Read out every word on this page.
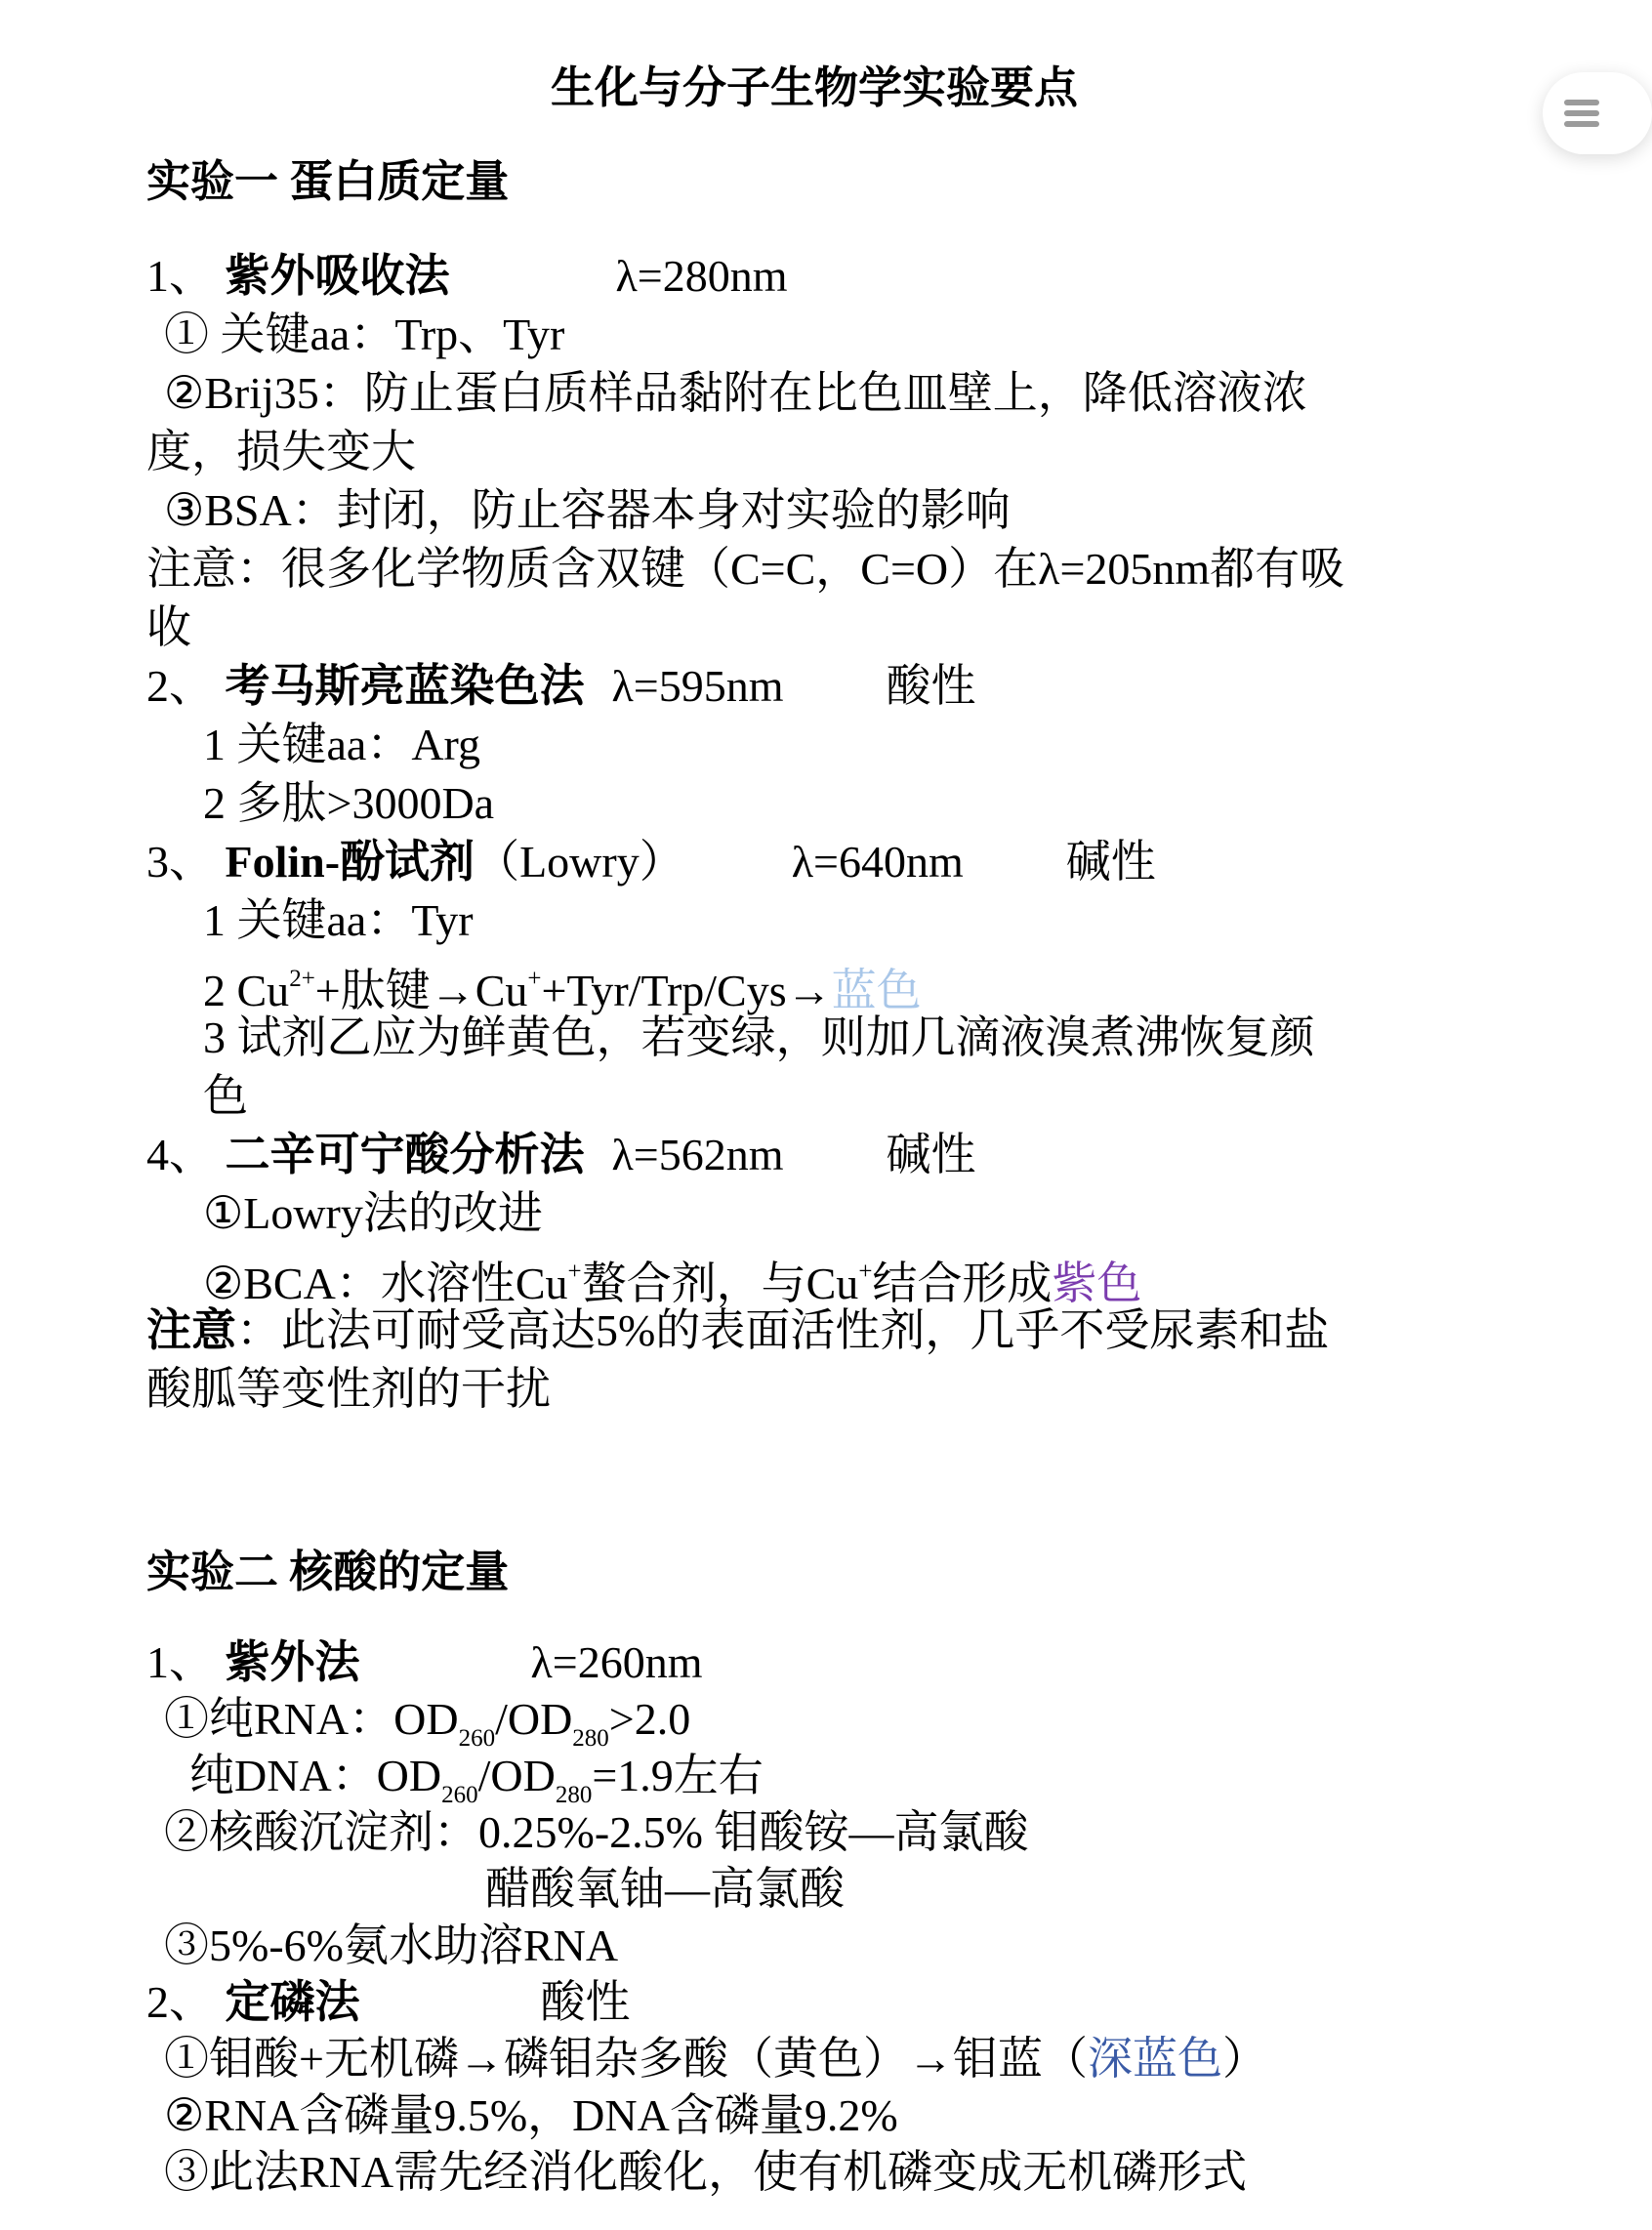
生化与分子生物学实验要点
实验一 蛋白质定量
1、 紫外吸收法	λ=280nm
① 关键aa：Trp、Tyr
②Brij35：防止蛋白质样品黏附在比色皿壁上，降低溶液浓
度，损失变大
③BSA：封闭，防止容器本身对实验的影响
注意：很多化学物质含双键（C=C，C=O）在λ=205nm都有吸
收
2、 考马斯亮蓝染色法 λ=595nm 酸性
1 关键aa：Arg
2 多肽>3000Da
3、 Folin-酚试剂（Lowry） λ=640nm 碱性
1 关键aa：Tyr
2 $Cu^{2+}+$肽键→Cu++Tyr/Trp/Cys→蓝色
3 试剂乙应为鲜黄色，若变绿，则加几滴液溴煮沸恢复颜
色
4、 二辛可宁酸分析法 λ=562nm 碱性
①Lowry法的改进
②BCA：水溶性Cu+螯合剂，与Cu+结合形成紫色
注意：此法可耐受高达5%的表面活性剂，几乎不受尿素和盐
酸胍等变性剂的干扰
实验二 核酸的定量
1、 紫外法	λ=260nm
①纯RNA：$OD_{260}/OD_{280}>2.0$
纯DNA：$OD_{260}/OD_{280}=1.9$左右
②核酸沉淀剂：0.25%-2.5% 钼酸铵—高氯酸
醋酸氧铀—高氯酸
③5%-6%氨水助溶RNA
2、 定磷法	酸性
①钼酸+无机磷→磷钼杂多酸（黄色）→钼蓝（深蓝色）
②RNA含磷量9.5%，DNA含磷量9.2%
③此法RNA需先经消化酸化，使有机磷变成无机磷形式
